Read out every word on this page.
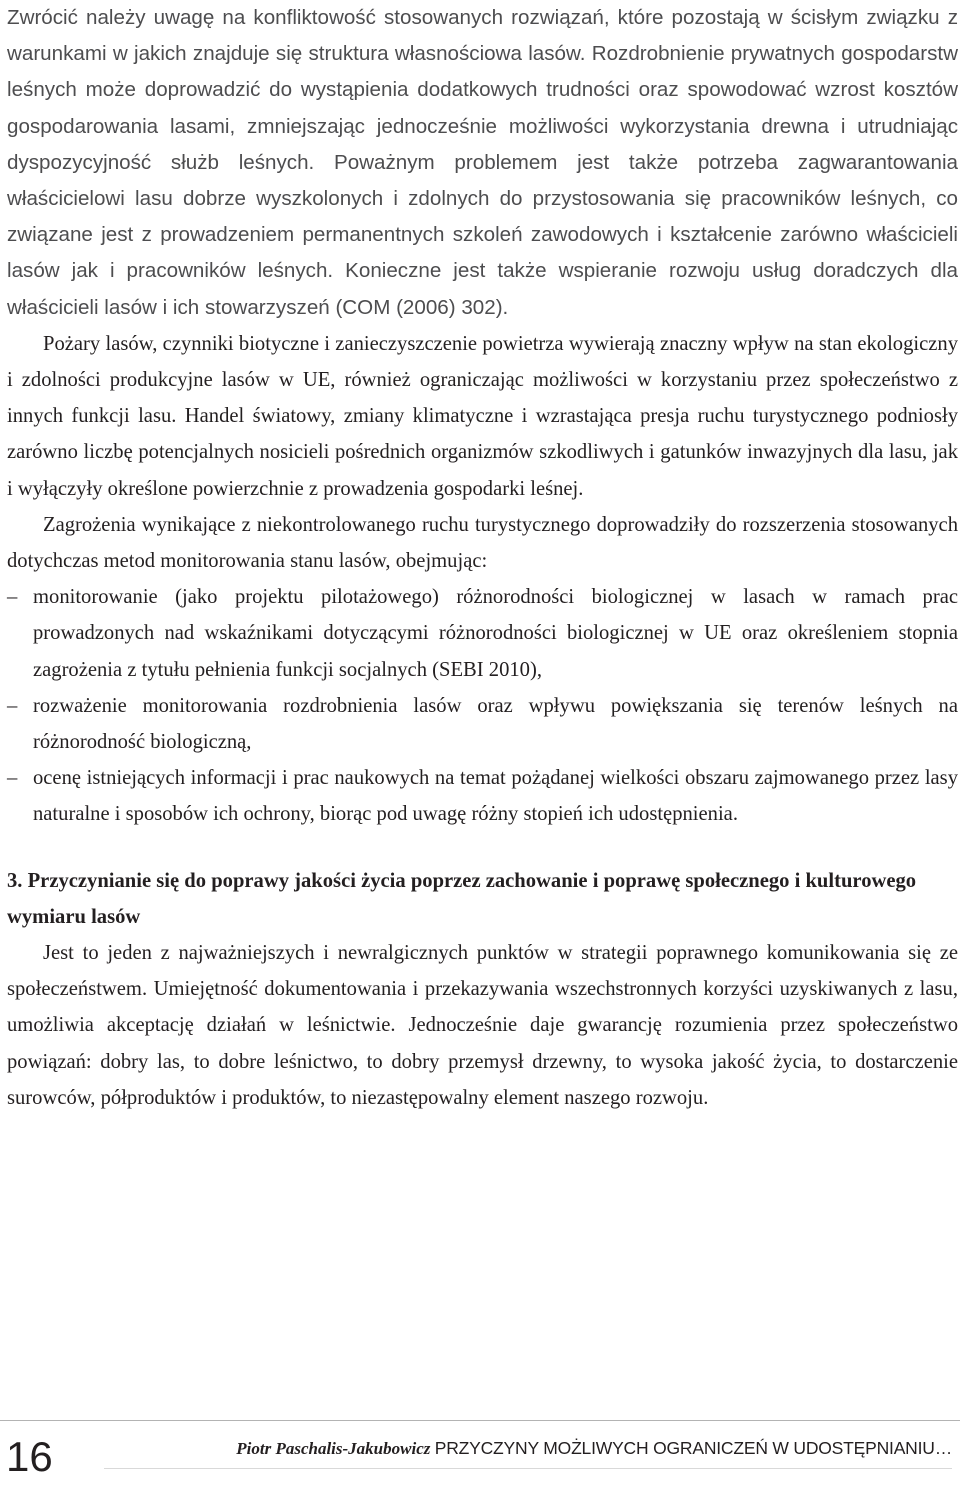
Zwrócić należy uwagę na konfliktowość stosowanych rozwiązań, które pozostają w ścisłym związku z warunkami w jakich znajduje się struktura własnościowa lasów. Rozdrobnienie prywatnych gospodarstw leśnych może doprowadzić do wystąpienia dodatkowych trudności oraz spowodować wzrost kosztów gospodarowania lasami, zmniejszając jednocześnie możliwości wykorzystania drewna i utrudniając dyspozycyjność służb leśnych. Poważnym problemem jest także potrzeba zagwarantowania właścicielowi lasu dobrze wyszkolonych i zdolnych do przystosowania się pracowników leśnych, co związane jest z prowadzeniem permanentnych szkoleń zawodowych i kształcenie zarówno właścicieli lasów jak i pracowników leśnych. Konieczne jest także wspieranie rozwoju usług doradczych dla właścicieli lasów i ich stowarzyszeń (COM (2006) 302).

Pożary lasów, czynniki biotyczne i zanieczyszczenie powietrza wywierają znaczny wpływ na stan ekologiczny i zdolności produkcyjne lasów w UE, również ograniczając możliwości w korzystaniu przez społeczeństwo z innych funkcji lasu. Handel światowy, zmiany klimatyczne i wzrastająca presja ruchu turystycznego podniosły zarówno liczbę potencjalnych nosicieli pośrednich organizmów szkodliwych i gatunków inwazyjnych dla lasu, jak i wyłączyły określone powierzchnie z prowadzenia gospodarki leśnej.

Zagrożenia wynikające z niekontrolowanego ruchu turystycznego doprowadziły do rozszerzenia stosowanych dotychczas metod monitorowania stanu lasów, obejmując:

– monitorowanie (jako projektu pilotażowego) różnorodności biologicznej w lasach w ramach prac prowadzonych nad wskaźnikami dotyczącymi różnorodności biologicznej w UE oraz określeniem stopnia zagrożenia z tytułu pełnienia funkcji socjalnych (SEBI 2010),
– rozważenie monitorowania rozdrobnienia lasów oraz wpływu powiększania się terenów leśnych na różnorodność biologiczną,
– ocenę istniejących informacji i prac naukowych na temat pożądanej wielkości obszaru zajmowanego przez lasy naturalne i sposobów ich ochrony, biorąc pod uwagę różny stopień ich udostępnienia.
3. Przyczynianie się do poprawy jakości życia poprzez zachowanie i poprawę społecznego i kulturowego wymiaru lasów

Jest to jeden z najważniejszych i newralgicznych punktów w strategii poprawnego komunikowania się ze społeczeństwem. Umiejętność dokumentowania i przekazywania wszechstronnych korzyści uzyskiwanych z lasu, umożliwia akceptację działań w leśnictwie. Jednocześnie daje gwarancję rozumienia przez społeczeństwo powiązań: dobry las, to dobre leśnictwo, to dobry przemysł drzewny, to wysoka jakość życia, to dostarczenie surowców, półproduktów i produktów, to niezastępowalny element naszego rozwoju.

16	Piotr Paschalis-Jakubowicz PRZYCZYNY MOŻLIWYCH OGRANICZEŃ W UDOSTĘPNIANIU…
